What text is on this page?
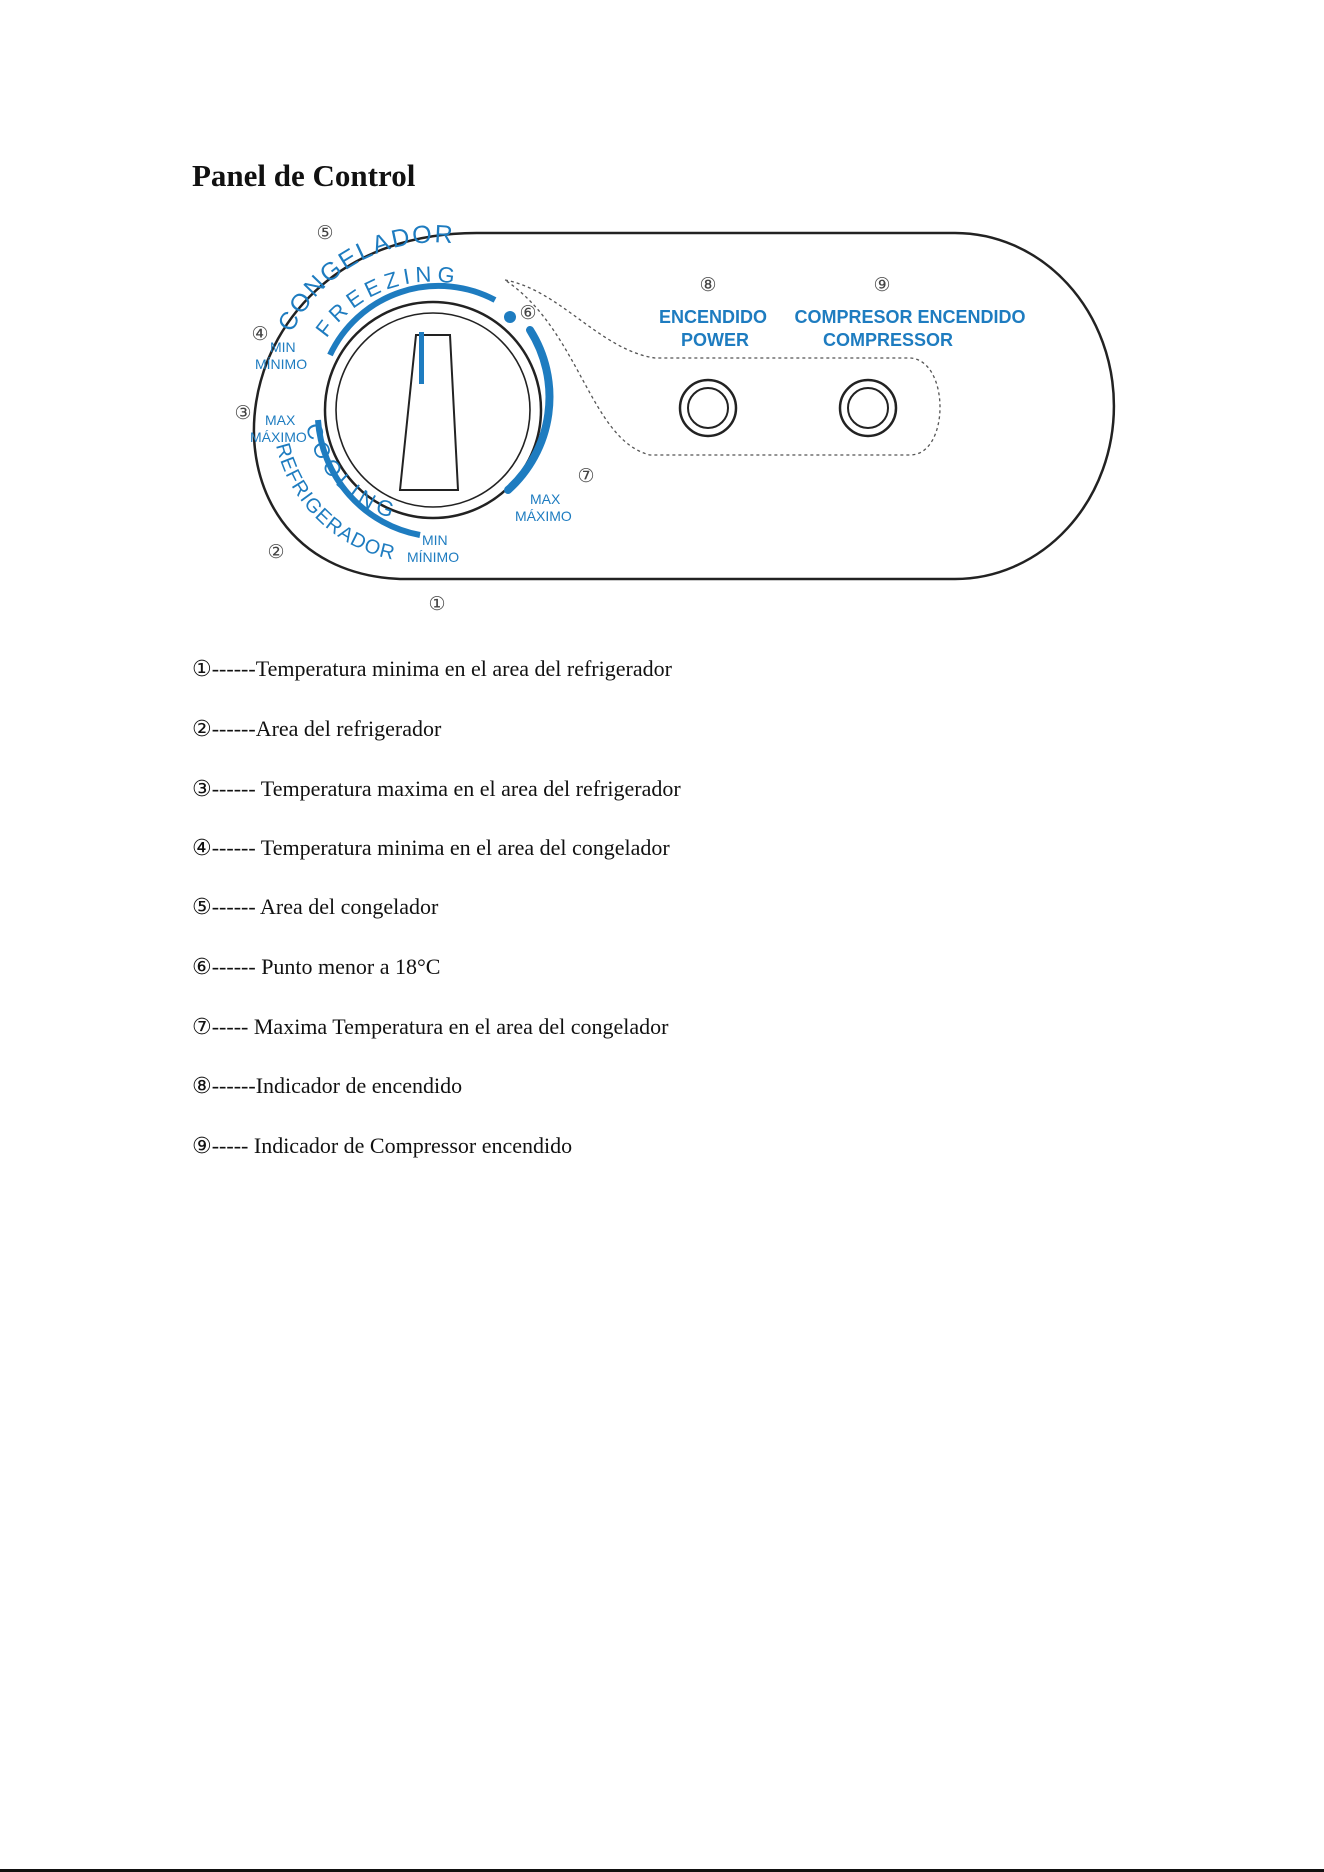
Panel de Control
CONGELADOR
FREEZING
COOLING
REFRIGERADOR
MIN
MÍNIMO
MAX
MÁXIMO
MAX
MÁXIMO
MIN
MÍNIMO
ENCENDIDO
POWER
COMPRESOR ENCENDIDO
COMPRESSOR
①
②
③
④
⑤
⑥
⑦
⑧	⑨
①------Temperatura minima en el area del refrigerador
②------Area del refrigerador
③------ Temperatura maxima en el area del refrigerador
④------ Temperatura minima en el area del congelador
⑤------ Area del congelador
⑥------ Punto menor a 18°C
⑦----- Maxima Temperatura en el area del congelador
⑧------Indicador de encendido
⑨----- Indicador de Compressor encendido
